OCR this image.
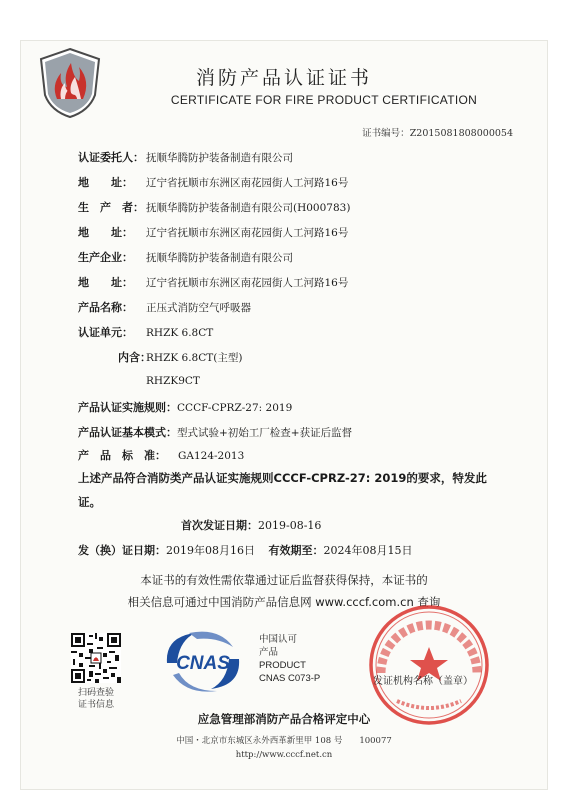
消防产品认证证书
CERTIFICATE FOR FIRE PRODUCT CERTIFICATION
证书编号：Z2015081808000054
认证委托人： 抚顺华腾防护装备制造有限公司
地　　址： 辽宁省抚顺市东洲区南花园街人工河路16号
生　产　者： 抚顺华腾防护装备制造有限公司(H000783)
地　　址： 辽宁省抚顺市东洲区南花园街人工河路16号
生产企业： 抚顺华腾防护装备制造有限公司
地　　址： 辽宁省抚顺市东洲区南花园街人工河路16号
产品名称： 正压式消防空气呼吸器
认证单元： RHZK 6.8CT
内含：RHZK 6.8CT(主型)
RHZK9CT
产品认证实施规则：CCCF-CPRZ-27: 2019
产品认证基本模式：型式试验+初始工厂检查+获证后监督
产　品　标　准： GA124-2013
上述产品符合消防类产品认证实施规则CCCF-CPRZ-27: 2019的要求，特发此证。
首次发证日期：2019-08-16
发（换）证日期：2019年08月16日 有效期至：2024年08月15日
本证书的有效性需依靠通过证后监督获得保持，本证书的
相关信息可通过中国消防产品信息网 www.cccf.com.cn 查询
扫码查验
证书信息
CNAS
中国认可
产品
PRODUCT
CNAS C073-P	发证机构名称（盖章）
应急管理部消防产品合格评定中心
中国・北京市东城区永外西革新里甲 108 号　　100077
http://www.cccf.net.cn
